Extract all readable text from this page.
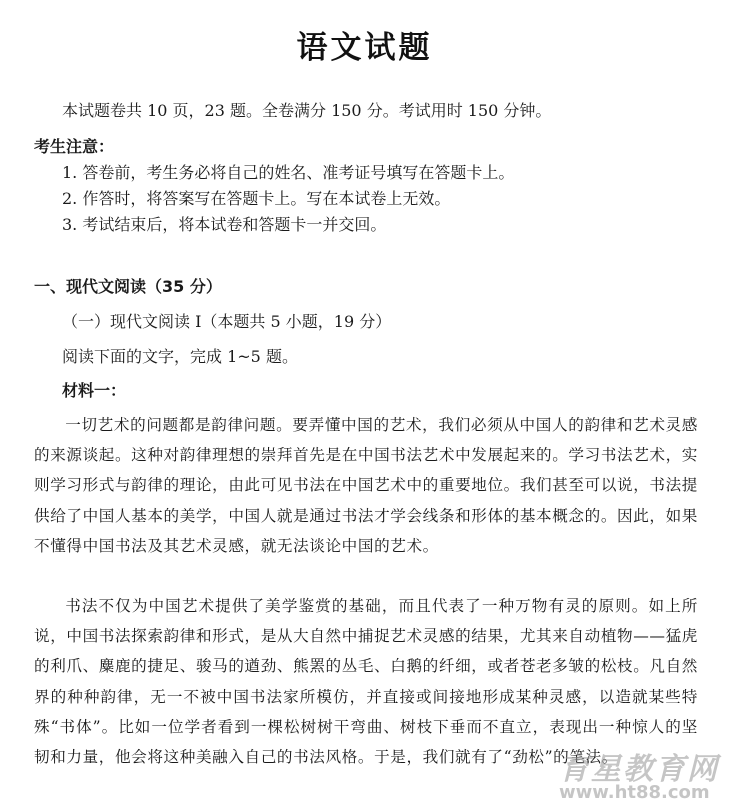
语文试题
本试题卷共 10 页，23 题。全卷满分 150 分。考试用时 150 分钟。
考生注意：
1. 答卷前，考生务必将自己的姓名、准考证号填写在答题卡上。
2. 作答时，将答案写在答题卡上。写在本试卷上无效。
3. 考试结束后，将本试卷和答题卡一并交回。
一、现代文阅读（35 分）
（一）现代文阅读 I（本题共 5 小题，19 分）
阅读下面的文字，完成 1~5 题。
材料一：
一切艺术的问题都是韵律问题。要弄懂中国的艺术，我们必须从中国人的韵律和艺术灵感的来源谈起。这种对韵律理想的崇拜首先是在中国书法艺术中发展起来的。学习书法艺术，实则学习形式与韵律的理论，由此可见书法在中国艺术中的重要地位。我们甚至可以说，书法提供给了中国人基本的美学，中国人就是通过书法才学会线条和形体的基本概念的。因此，如果不懂得中国书法及其艺术灵感，就无法谈论中国的艺术。
书法不仅为中国艺术提供了美学鉴赏的基础，而且代表了一种万物有灵的原则。如上所说，中国书法探索韵律和形式，是从大自然中捕捉艺术灵感的结果，尤其来自动植物——猛虎的利爪、麋鹿的捷足、骏马的遒劲、熊罴的丛毛、白鹅的纤细，或者苍老多皱的松枝。凡自然界的种种韵律，无一不被中国书法家所模仿，并直接或间接地形成某种灵感，以造就某些特殊“书体”。比如一位学者看到一棵松树树干弯曲、树枝下垂而不直立，表现出一种惊人的坚韧和力量，他会将这种美融入自己的书法风格。于是，我们就有了“劲松”的笔法。
育星教育网
www.ht88.com
